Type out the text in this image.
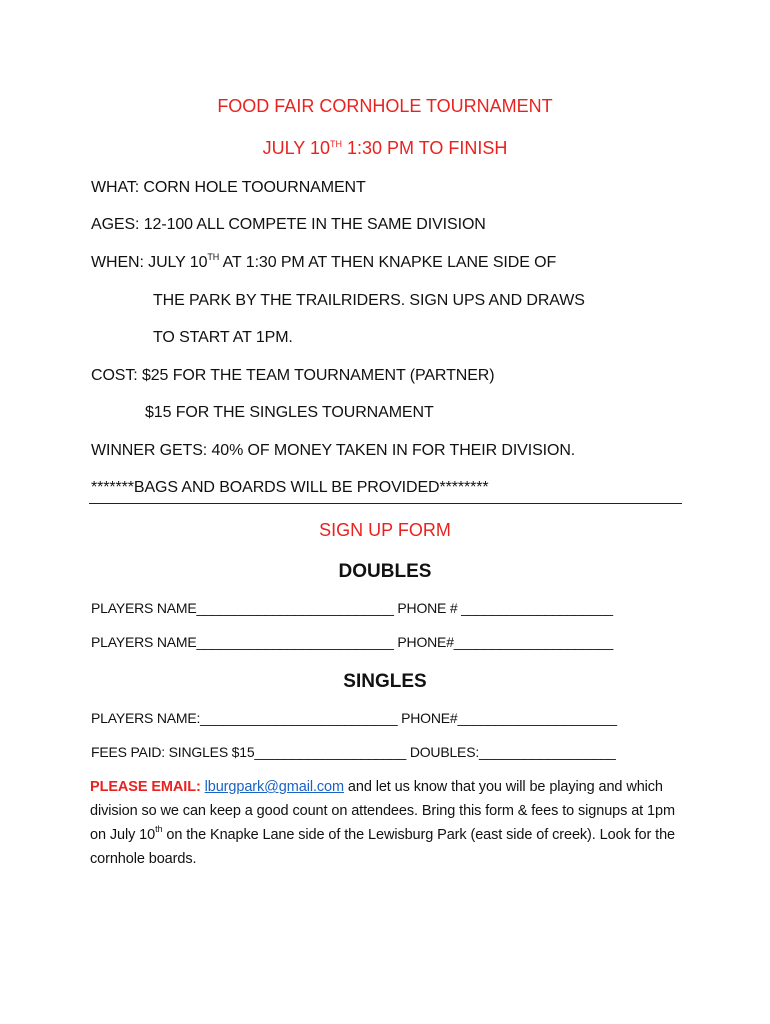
FOOD FAIR CORNHOLE TOURNAMENT
JULY 10TH 1:30 PM TO FINISH
WHAT: CORN HOLE TOOURNAMENT
AGES: 12-100 ALL COMPETE IN THE SAME DIVISION
WHEN: JULY 10TH AT 1:30 PM AT THEN KNAPKE LANE SIDE OF
THE PARK BY THE TRAILRIDERS. SIGN UPS AND DRAWS
TO START AT 1PM.
COST: $25 FOR THE TEAM TOURNAMENT (PARTNER)
$15 FOR THE SINGLES TOURNAMENT
WINNER GETS: 40% OF MONEY TAKEN IN FOR THEIR DIVISION.
*******BAGS AND BOARDS WILL BE PROVIDED********
SIGN UP FORM
DOUBLES
PLAYERS NAME__________________________ PHONE # ____________________
PLAYERS NAME__________________________ PHONE#_____________________
SINGLES
PLAYERS NAME:__________________________ PHONE#_____________________
FEES PAID: SINGLES $15____________________ DOUBLES:__________________
PLEASE EMAIL: lburgpark@gmail.com and let us know that you will be playing and which division so we can keep a good count on attendees. Bring this form & fees to signups at 1pm on July 10th on the Knapke Lane side of the Lewisburg Park (east side of creek). Look for the cornhole boards.
